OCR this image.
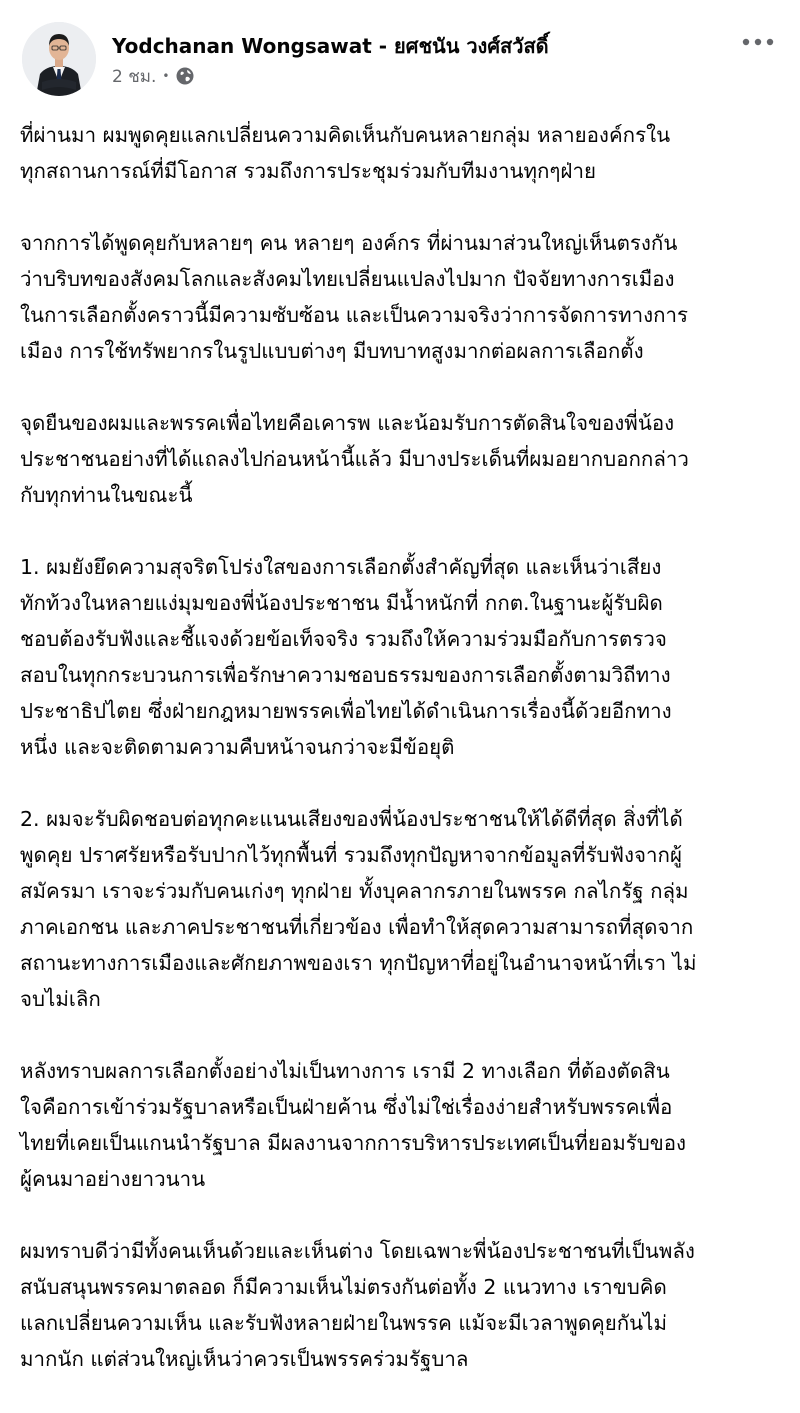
Yodchanan Wongsawat - ยศชนัน วงศ์สวัสดิ์
2 ชม. •
ที่ผ่านมา ผมพูดคุยแลกเปลี่ยนความคิดเห็นกับคนหลายกลุ่ม หลายองค์กรใน
ทุกสถานการณ์ที่มีโอกาส รวมถึงการประชุมร่วมกับทีมงานทุกๆฝ่าย
จากการได้พูดคุยกับหลายๆ คน หลายๆ องค์กร ที่ผ่านมาส่วนใหญ่เห็นตรงกัน
ว่าบริบทของสังคมโลกและสังคมไทยเปลี่ยนแปลงไปมาก ปัจจัยทางการเมือง
ในการเลือกตั้งคราวนี้มีความซับซ้อน และเป็นความจริงว่าการจัดการทางการ
เมือง การใช้ทรัพยากรในรูปแบบต่างๆ มีบทบาทสูงมากต่อผลการเลือกตั้ง
จุดยืนของผมและพรรคเพื่อไทยคือเคารพ และน้อมรับการตัดสินใจของพี่น้อง
ประชาชนอย่างที่ได้แถลงไปก่อนหน้านี้แล้ว มีบางประเด็นที่ผมอยากบอกกล่าว
กับทุกท่านในขณะนี้
1. ผมยังยึดความสุจริตโปร่งใสของการเลือกตั้งสำคัญที่สุด และเห็นว่าเสียง
ทักท้วงในหลายแง่มุมของพี่น้องประชาชน มีน้ำหนักที่ กกต.ในฐานะผู้รับผิด
ชอบต้องรับฟังและชี้แจงด้วยข้อเท็จจริง รวมถึงให้ความร่วมมือกับการตรวจ
สอบในทุกกระบวนการเพื่อรักษาความชอบธรรมของการเลือกตั้งตามวิถีทาง
ประชาธิปไตย ซึ่งฝ่ายกฎหมายพรรคเพื่อไทยได้ดำเนินการเรื่องนี้ด้วยอีกทาง
หนึ่ง และจะติดตามความคืบหน้าจนกว่าจะมีข้อยุติ
2. ผมจะรับผิดชอบต่อทุกคะแนนเสียงของพี่น้องประชาชนให้ได้ดีที่สุด สิ่งที่ได้
พูดคุย ปราศรัยหรือรับปากไว้ทุกพื้นที่ รวมถึงทุกปัญหาจากข้อมูลที่รับฟังจากผู้
สมัครมา เราจะร่วมกับคนเก่งๆ ทุกฝ่าย ทั้งบุคลากรภายในพรรค กลไกรัฐ กลุ่ม
ภาคเอกชน และภาคประชาชนที่เกี่ยวข้อง เพื่อทำให้สุดความสามารถที่สุดจาก
สถานะทางการเมืองและศักยภาพของเรา ทุกปัญหาที่อยู่ในอำนาจหน้าที่เรา ไม่
จบไม่เลิก
หลังทราบผลการเลือกตั้งอย่างไม่เป็นทางการ เรามี 2 ทางเลือก ที่ต้องตัดสิน
ใจคือการเข้าร่วมรัฐบาลหรือเป็นฝ่ายค้าน ซึ่งไม่ใช่เรื่องง่ายสำหรับพรรคเพื่อ
ไทยที่เคยเป็นแกนนำรัฐบาล มีผลงานจากการบริหารประเทศเป็นที่ยอมรับของ
ผู้คนมาอย่างยาวนาน
ผมทราบดีว่ามีทั้งคนเห็นด้วยและเห็นต่าง โดยเฉพาะพี่น้องประชาชนที่เป็นพลัง
สนับสนุนพรรคมาตลอด ก็มีความเห็นไม่ตรงกันต่อทั้ง 2 แนวทาง เราขบคิด
แลกเปลี่ยนความเห็น และรับฟังหลายฝ่ายในพรรค แม้จะมีเวลาพูดคุยกันไม่
มากนัก แต่ส่วนใหญ่เห็นว่าควรเป็นพรรคร่วมรัฐบาล
